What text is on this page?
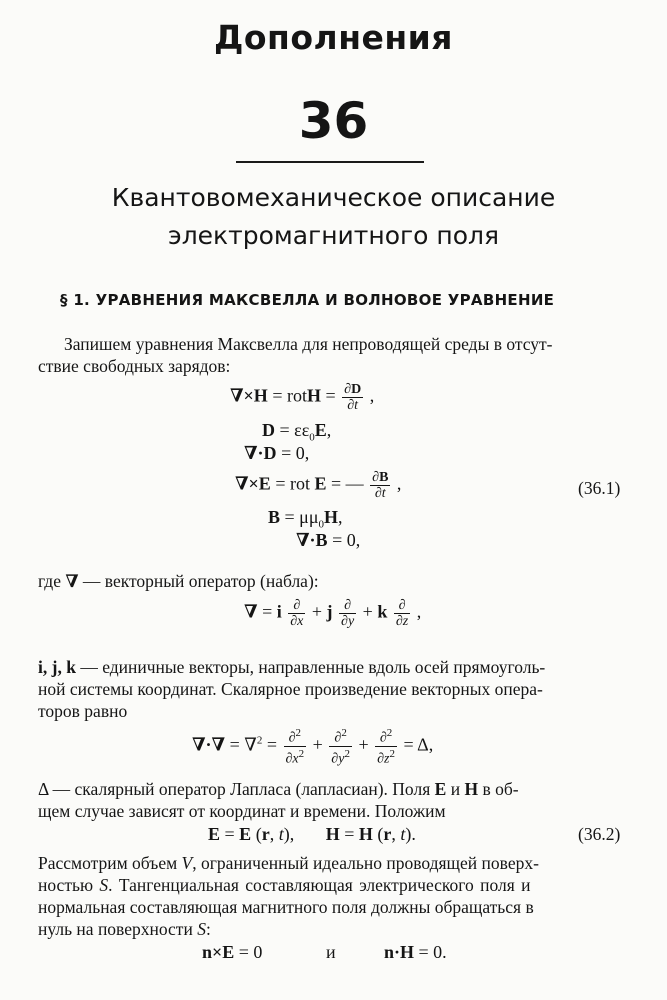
Дополнения
36
Квантовомеханическое описание
электромагнитного поля
§ 1. УРАВНЕНИЯ МАКСВЕЛЛА И ВОЛНОВОЕ УРАВНЕНИЕ
Запишем уравнения Максвелла для непроводящей среды в отсут-
ствие свободных зарядов:
∇×H = rotH = $\frac{\partial D}{\partial t}$ ,
$D = \varepsilon\varepsilon_0E$,
∇·D = 0,
∇×E = rot E = — $\frac{\partial B}{\partial t}$ ,	(36.1)
$B = \mu\mu_0H$,
∇·B = 0,
где ∇ — векторный оператор (набла):
∇ = i $\frac{\partial}{\partial x} + j \frac{\partial}{\partial y} + k \frac{\partial}{\partial z}$ ,
i, j, k — единичные векторы, направленные вдоль осей прямоуголь-
ной системы координат. Скалярное произведение векторных опера-
торов равно
∇·∇ = $\nabla^2 = \frac{\partial^2}{\partial x^2} + \frac{\partial^2}{\partial y^2} + \frac{\partial^2}{\partial z^2} = \Delta$,
Δ — скалярный оператор Лапласа (лапласиан). Поля E и H в об-
щем случае зависят от координат и времени. Положим
E = E (r, t),       H = H (r, t).	(36.2)
Рассмотрим объем V, ограниченный идеально проводящей поверх-
ностью S. Тангенциальная составляющая электрического поля и
нормальная составляющая магнитного поля должны обращаться в
нуль на поверхности S:
n×E = 0	и	n·H = 0.
